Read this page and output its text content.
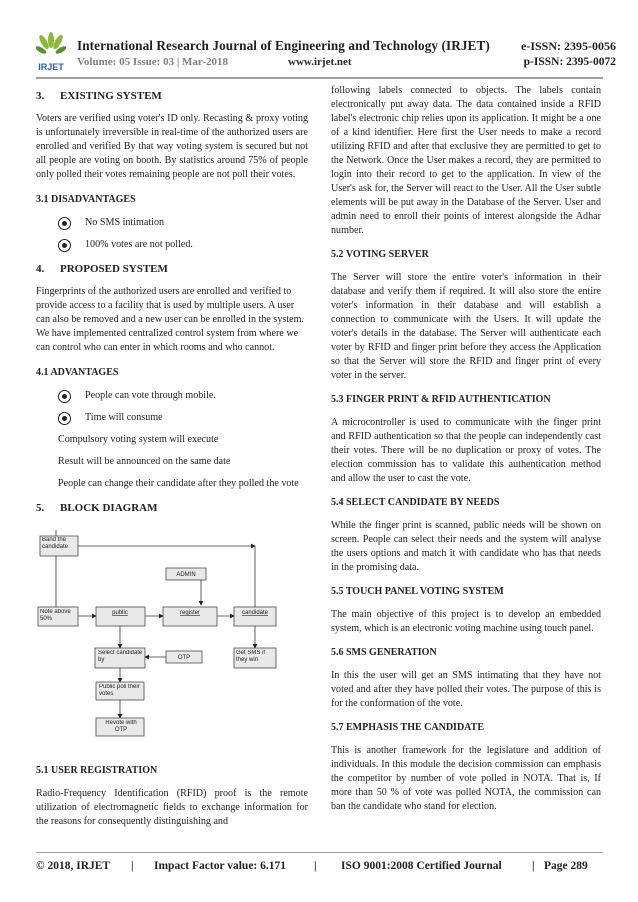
IRJET
International Research Journal of Engineering and Technology (IRJET)	e-ISSN: 2395-0056
Volume: 05 Issue: 03 | Mar-2018	www.irjet.net	p-ISSN: 2395-0072
3. EXISTING SYSTEM

Voters are verified using voter's ID only. Recasting & proxy voting is unfortunately irreversible in real-time of the authorized users are enrolled and verified By that way voting system is secured but not all people are voting on booth. By statistics around 75% of people only polled their votes remaining people are not poll their votes.

3.1 DISADVANTAGES
No SMS intimation
100% votes are not polled.
4. PROPOSED SYSTEM

Fingerprints of the authorized users are enrolled and verified to provide access to a facility that is used by multiple users. A user can also be removed and a new user can be enrolled in the system. We have implemented centralized control system from where we can control who can enter in which rooms and who cannot.

4.1 ADVANTAGES
People can vote through mobile.
Time will consume
Compulsory voting system will execute
Result will be announced on the same date
People can change their candidate after they polled the vote
5. BLOCK DIAGRAM
Band the candidate
ADMIN
Note above 50%
public	register	candidate
Select candidate by	OTP
Get SMS if they win
Public poll their votes
Revote with OTP
5.1 USER REGISTRATION

Radio-Frequency Identification (RFID) proof is the remote utilization of electromagnetic fields to exchange information for the reasons for consequently distinguishing and

following labels connected to objects. The labels contain electronically put away data. The data contained inside a RFID label's electronic chip relies upon its application. It might be a one of a kind identifier. Here first the User needs to make a record utilizing RFID and after that exclusive they are permitted to get to the Network. Once the User makes a record, they are permitted to login into their record to get to the application. In view of the User's ask for, the Server will react to the User. All the User subtle elements will be put away in the Database of the Server. User and admin need to enroll their points of interest alongside the Adhar number.

5.2 VOTING SERVER

The Server will store the entire voter's information in their database and verify them if required. It will also store the entire voter's information in their database and will establish a connection to communicate with the Users. It will update the voter's details in the database. The Server will authenticate each voter by RFID and finger print before they access the Application so that the Server will store the RFID and finger print of every voter in the server.

5.3 FINGER PRINT & RFID AUTHENTICATION

A microcontroller is used to communicate with the finger print and RFID authentication so that the people can independently cast their votes. There will be no duplication or proxy of votes. The election commission has to validate this authentication method and allow the user to cast the vote.

5.4 SELECT CANDIDATE BY NEEDS

While the finger print is scanned, public needs will be shown on screen. People can select their needs and the system will analyse the users options and match it with candidate who has that needs in the promising data.

5.5 TOUCH PANEL VOTING SYSTEM

The main objective of this project is to develop an embedded system, which is an electronic voting machine using touch panel.

5.6 SMS GENERATION

In this the user will get an SMS intimating that they have not voted and after they have polled their votes. The purpose of this is for the conformation of the vote.

5.7 EMPHASIS THE CANDIDATE

This is another framework for the legislature and addition of individuals. In this module the decision commission can emphasis the competitor by number of vote polled in NOTA. That is, If more than 50 % of vote was polled NOTA, the commission can ban the candidate who stand for election.

© 2018, IRJET | Impact Factor value: 6.171 | ISO 9001:2008 Certified Journal	| Page 289
